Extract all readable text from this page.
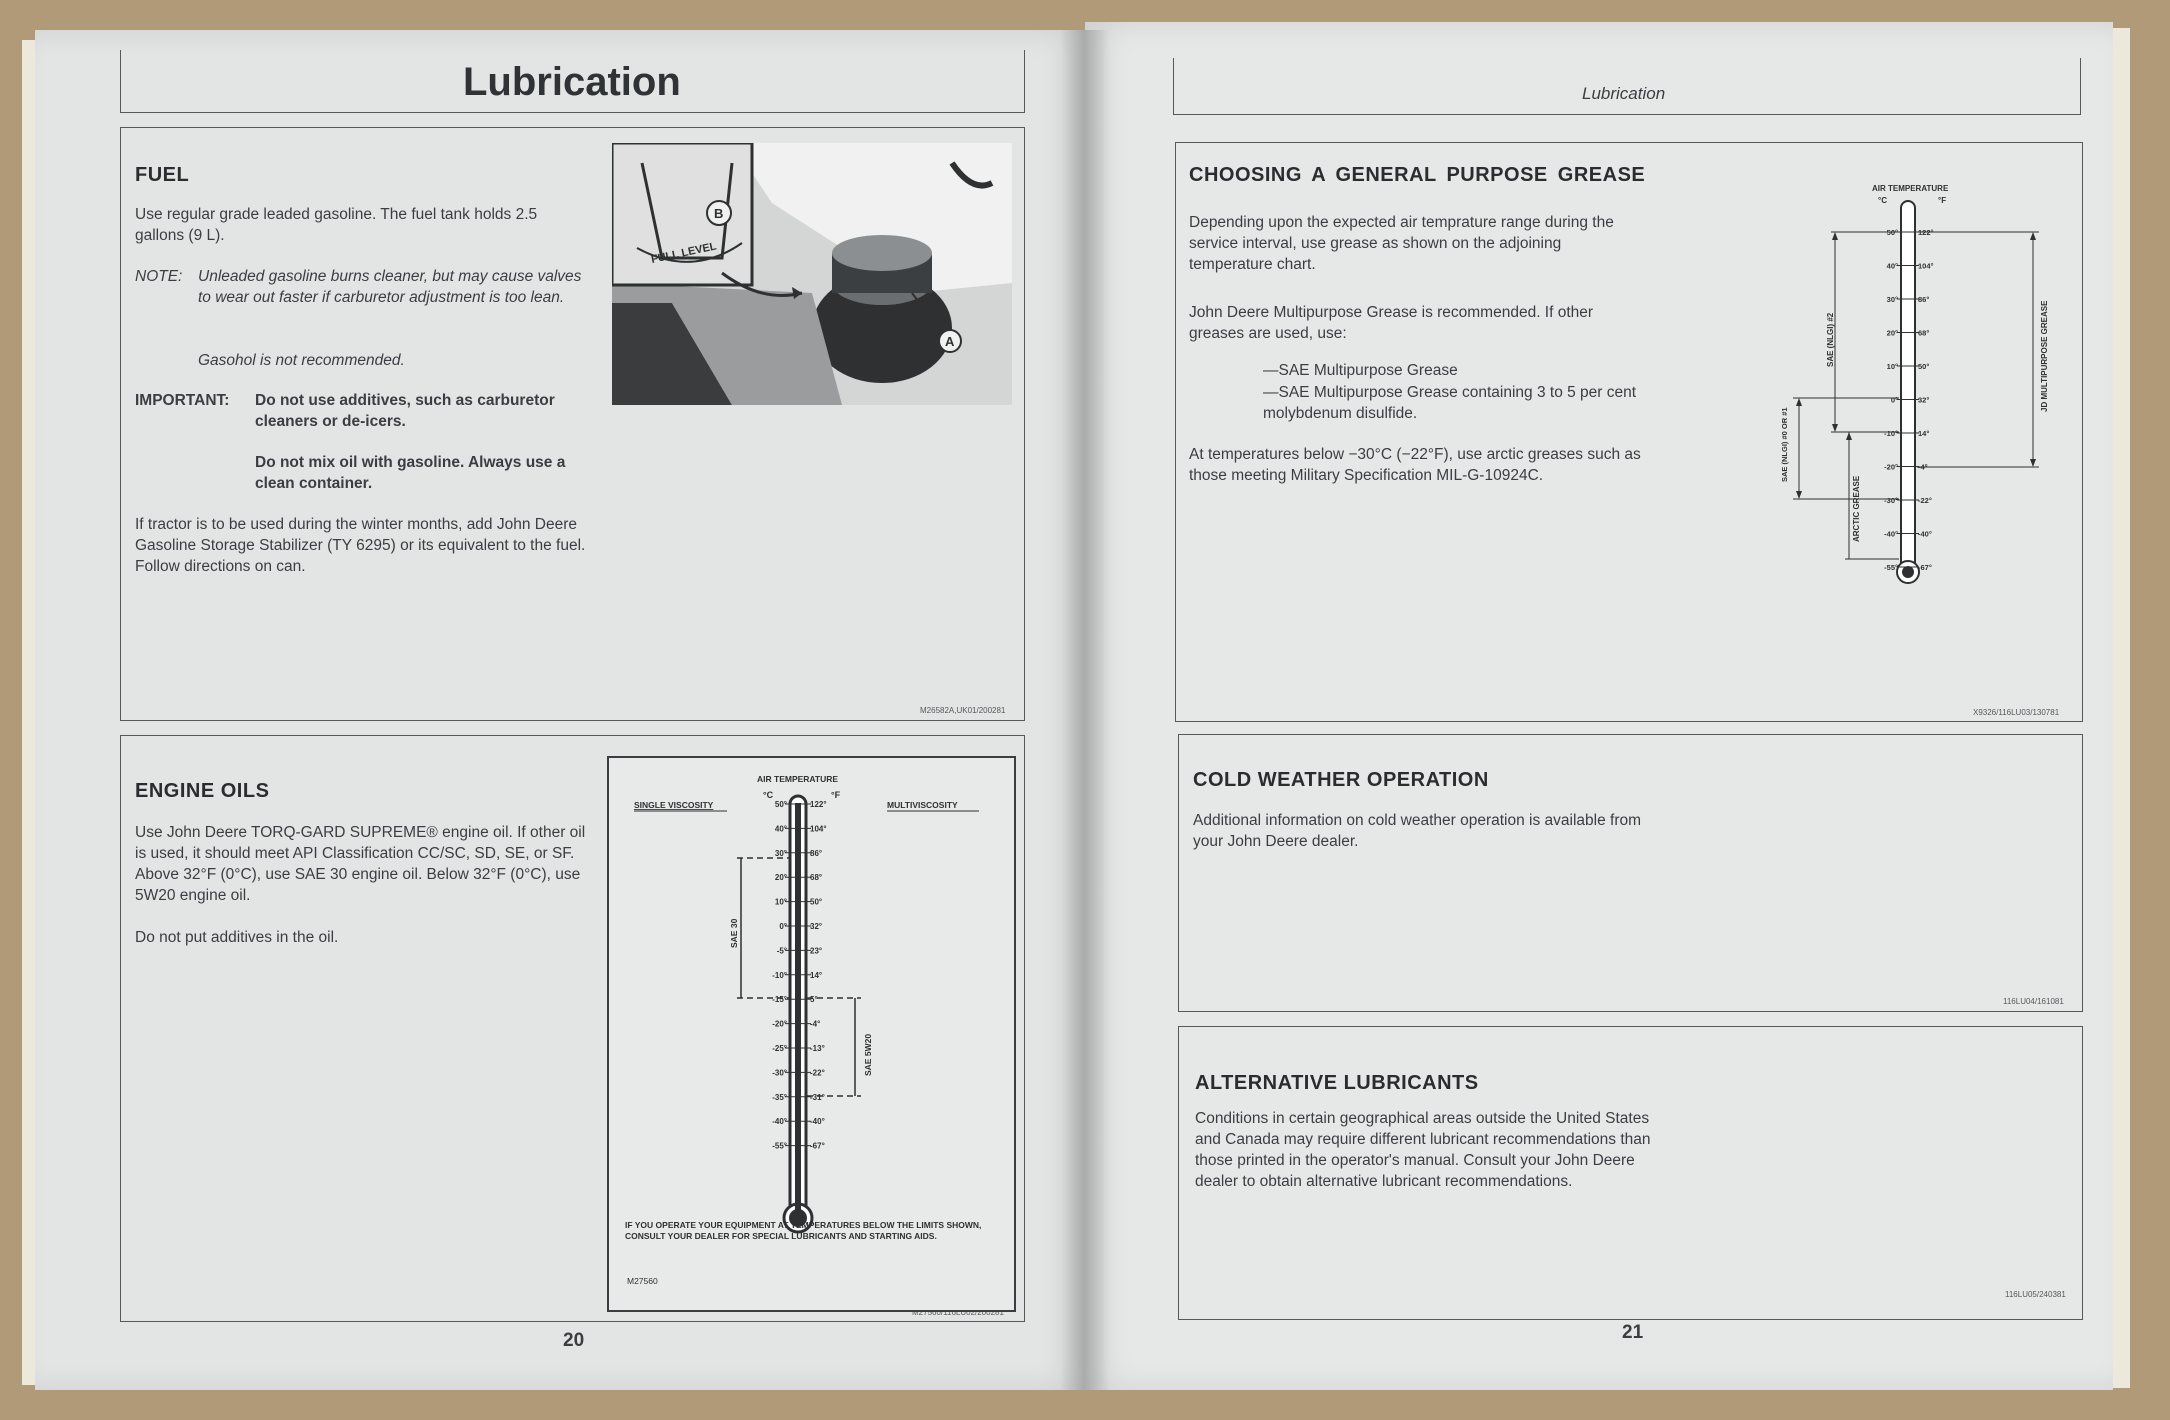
Lubrication
FUEL
Use regular grade leaded gasoline. The fuel tank holds 2.5 gallons (9 L).
NOTE:	Unleaded gasoline burns cleaner, but may cause valves to wear out faster if carburetor adjustment is too lean.
Gasohol is not recommended.
IMPORTANT:	Do not use additives, such as carburetor cleaners or de-icers.
Do not mix oil with gasoline. Always use a clean container.
If tractor is to be used during the winter months, add John Deere Gasoline Storage Stabilizer (TY 6295) or its equivalent to the fuel. Follow directions on can.
M26582A,UK01/200281
B
FULL LEVEL
A
ENGINE OILS
Use John Deere TORQ-GARD SUPREME® engine oil. If other oil is used, it should meet API Classification CC/SC, SD, SE, or SF. Above 32°F (0°C), use SAE 30 engine oil. Below 32°F (0°C), use 5W20 engine oil.
Do not put additives in the oil.
AIR TEMPERATURE
°C	°F
SINGLE VISCOSITY	MULTIVISCOSITY
50°	122°
40°	104°
30°	86°
20°	68°
10°	50°
0°	32°
-5°	23°
-10°	14°
-15°	5°
-20°	-4°
-25°	-13°
-30°	-22°
-35°	-31°
-40°	-40°
-55°	-67°
SAE 30
SAE 5W20
IF YOU OPERATE YOUR EQUIPMENT AT TEMPERATURES BELOW THE LIMITS SHOWN, CONSULT YOUR DEALER FOR SPECIAL LUBRICANTS AND STARTING AIDS.
M27560
20
Lubrication
CHOOSING A GENERAL PURPOSE GREASE
Depending upon the expected air temprature range during the service interval, use grease as shown on the adjoining temperature chart.
John Deere Multipurpose Grease is recommended. If other greases are used, use:
—SAE Multipurpose Grease
—SAE Multipurpose Grease containing 3 to 5 per cent molybdenum disulfide.
At temperatures below −30°C (−22°F), use arctic greases such as those meeting Military Specification MIL-G-10924C.
X9326/116LU03/130781
AIR TEMPERATURE
°C	°F
50°	122°
40°	104°
30°	86°
20°	68°
10°	50°
0°	32°
-10°	14°
-20°	-4°
-30°	-22°
-40°	-40°
-55°	-67°
SAE (NLGI) #2
SAE (NLGI) #0 OR #1
ARCTIC GREASE
JD MULTIPURPOSE GREASE
COLD WEATHER OPERATION
Additional information on cold weather operation is available from your John Deere dealer.
116LU04/161081
ALTERNATIVE LUBRICANTS
Conditions in certain geographical areas outside the United States and Canada may require different lubricant recommendations than those printed in the operator's manual. Consult your John Deere dealer to obtain alternative lubricant recommendations.
116LU05/240381
21
